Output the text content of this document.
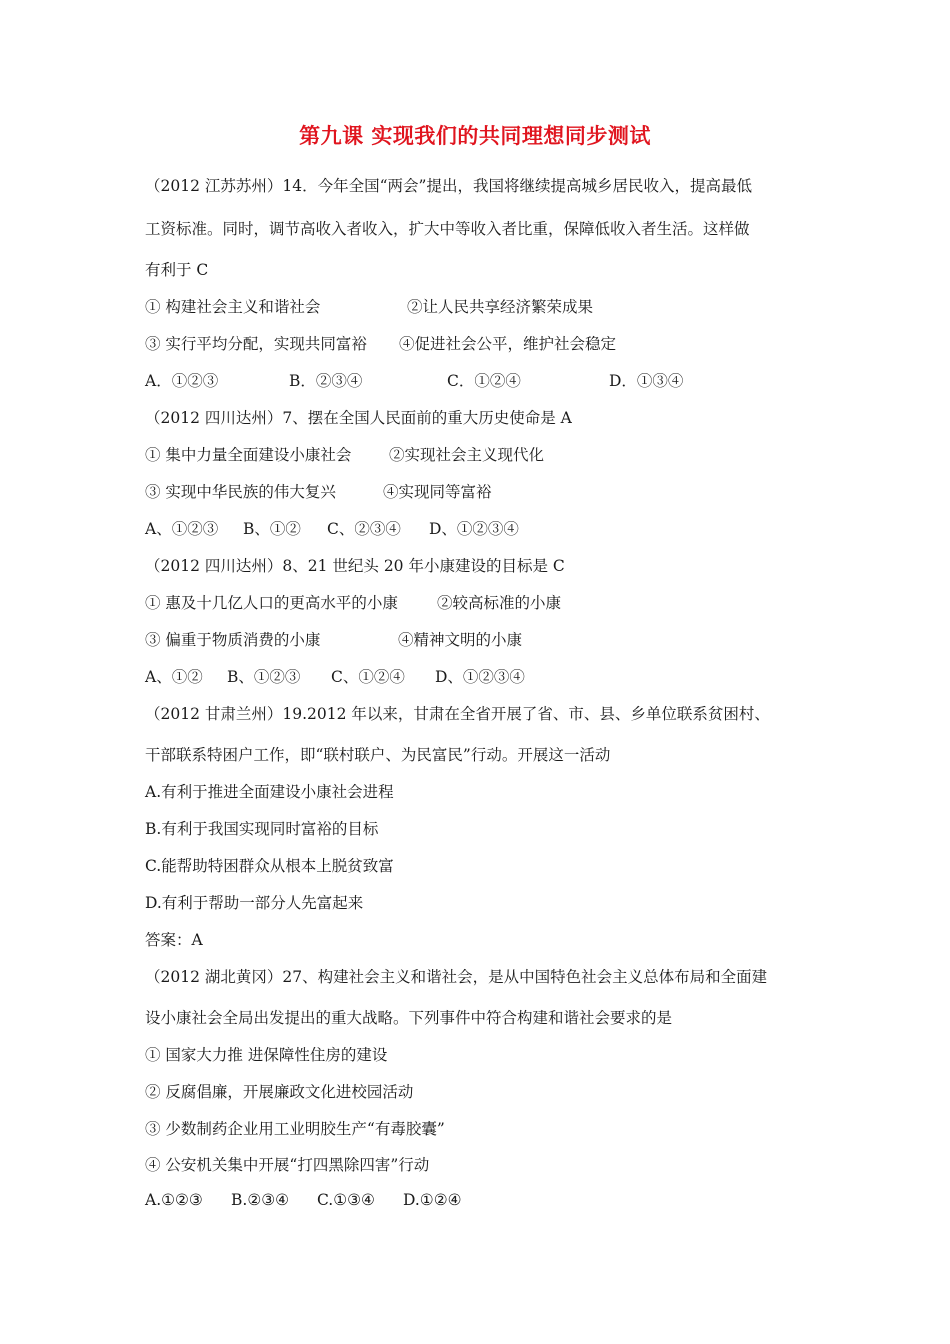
第九课 实现我们的共同理想同步测试
（2012 江苏苏州）14．今年全国“两会”提出，我国将继续提高城乡居民收入，提高最低
工资标准。同时，调节高收入者收入，扩大中等收入者比重，保障低收入者生活。这样做
有利于 C
① 构建社会主义和谐社会	②让人民共享经济繁荣成果
③ 实行平均分配，实现共同富裕 ④促进社会公平，维护社会稳定
A．①②③	B．②③④	C．①②④	D．①③④
（2012 四川达州）7、摆在全国人民面前的重大历史使命是 A
① 集中力量全面建设小康社会 ②实现社会主义现代化
③ 实现中华民族的伟大复兴	④实现同等富裕
A、①②③ B、①② C、②③④ D、①②③④
（2012 四川达州）8、21 世纪头 20 年小康建设的目标是 C
① 惠及十几亿人口的更高水平的小康	②较高标准的小康
③ 偏重于物质消费的小康	④精神文明的小康
A、①② B、①②③ C、①②④ D、①②③④
（2012 甘肃兰州）19.2012 年以来，甘肃在全省开展了省、市、县、乡单位联系贫困村、
干部联系特困户工作，即“联村联户、为民富民”行动。开展这一活动
A.有利于推进全面建设小康社会进程
B.有利于我国实现同时富裕的目标
C.能帮助特困群众从根本上脱贫致富
D.有利于帮助一部分人先富起来
答案：A
（2012 湖北黄冈）27、构建社会主义和谐社会，是从中国特色社会主义总体布局和全面建
设小康社会全局出发提出的重大战略。下列事件中符合构建和谐社会要求的是
① 国家大力推 进保障性住房的建设
② 反腐倡廉，开展廉政文化进校园活动
③ 少数制药企业用工业明胶生产“有毒胶囊”
④ 公安机关集中开展“打四黑除四害”行动
A.①②③ B.②③④ C.①③④ D.①②④
